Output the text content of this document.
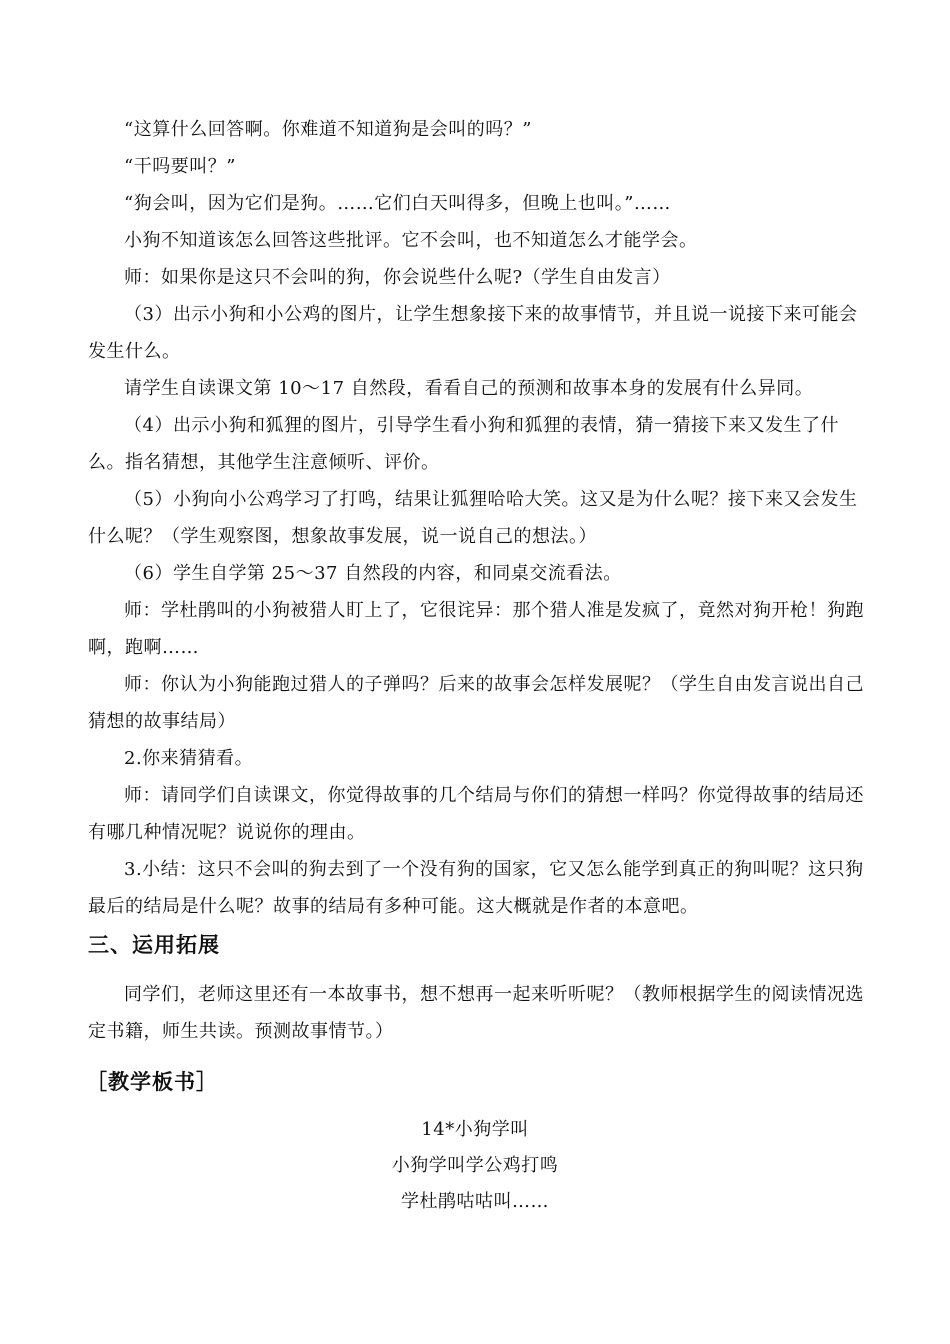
“这算什么回答啊。你难道不知道狗是会叫的吗？”

“干吗要叫？”

“狗会叫，因为它们是狗。……它们白天叫得多，但晚上也叫。”……

小狗不知道该怎么回答这些批评。它不会叫，也不知道怎么才能学会。

师：如果你是这只不会叫的狗，你会说些什么呢?（学生自由发言）

（3）出示小狗和小公鸡的图片，让学生想象接下来的故事情节，并且说一说接下来可能会发生什么。

请学生自读课文第 10～17 自然段，看看自己的预测和故事本身的发展有什么异同。

（4）出示小狗和狐狸的图片，引导学生看小狗和狐狸的表情，猜一猜接下来又发生了什么。指名猜想，其他学生注意倾听、评价。

（5）小狗向小公鸡学习了打鸣，结果让狐狸哈哈大笑。这又是为什么呢？接下来又会发生什么呢？（学生观察图，想象故事发展，说一说自己的想法。）

（6）学生自学第 25～37 自然段的内容，和同桌交流看法。

师：学杜鹃叫的小狗被猎人盯上了，它很诧异：那个猎人准是发疯了，竟然对狗开枪！狗跑啊，跑啊……

师：你认为小狗能跑过猎人的子弹吗？后来的故事会怎样发展呢？（学生自由发言说出自己猜想的故事结局）

2.你来猜猜看。

师：请同学们自读课文，你觉得故事的几个结局与你们的猜想一样吗？你觉得故事的结局还有哪几种情况呢？说说你的理由。

3.小结：这只不会叫的狗去到了一个没有狗的国家，它又怎么能学到真正的狗叫呢？这只狗最后的结局是什么呢？故事的结局有多种可能。这大概就是作者的本意吧。

三、运用拓展

同学们，老师这里还有一本故事书，想不想再一起来听听呢？（教师根据学生的阅读情况选定书籍，师生共读。预测故事情节。）

［教学板书］
14*小狗学叫
小狗学叫学公鸡打鸣
学杜鹃咕咕叫……
